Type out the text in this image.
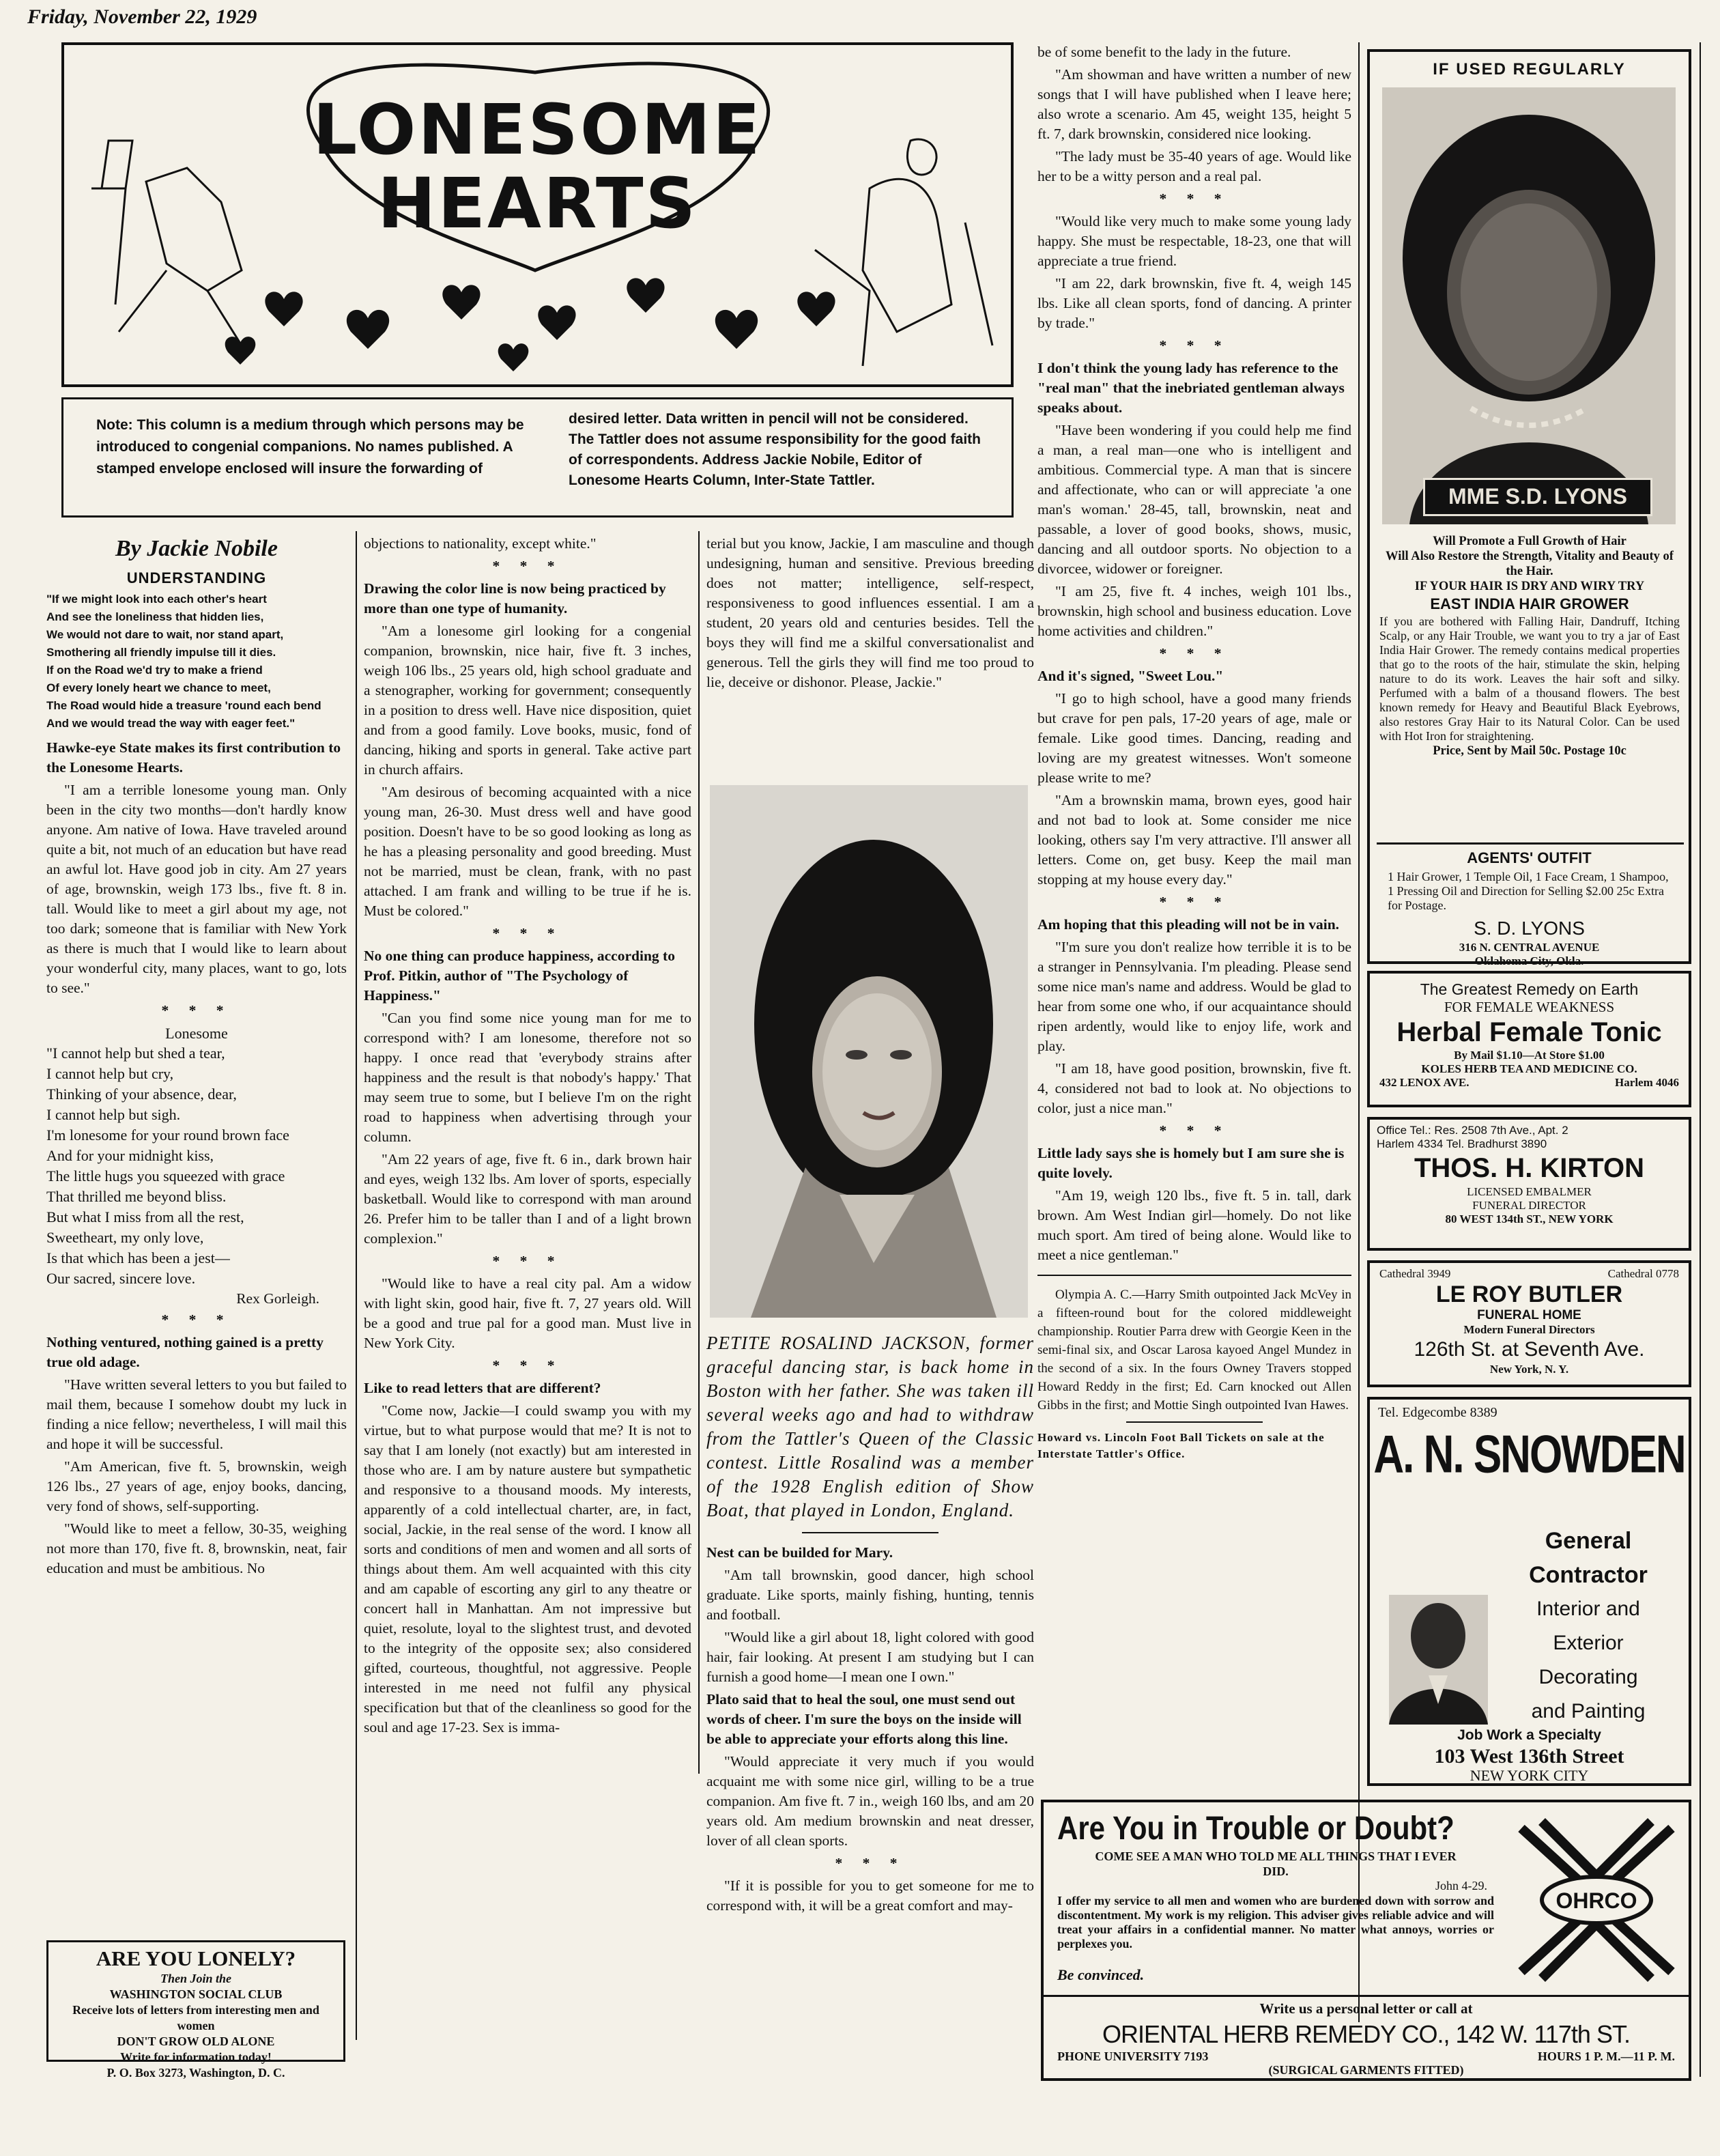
Friday, November 22, 1929
LONESOME
HEARTS
Note: This column is a medium through which persons may be introduced to congenial companions. No names published. A stamped envelope enclosed will insure the forwarding of
desired letter. Data written in pencil will not be considered. The Tattler does not assume responsibility for the good faith of correspondents. Address Jackie Nobile, Editor of Lonesome Hearts Column, Inter-State Tattler.
By Jackie Nobile
UNDERSTANDING
"If we might look into each other's heart
And see the loneliness that hidden lies,
We would not dare to wait, nor stand apart,
Smothering all friendly impulse till it dies.
If on the Road we'd try to make a friend
Of every lonely heart we chance to meet,
The Road would hide a treasure 'round each bend
And we would tread the way with eager feet."

Hawke-eye State makes its first contribution to the Lonesome Hearts.

"I am a terrible lonesome young man. Only been in the city two months—don't hardly know anyone. Am native of Iowa. Have traveled around quite a bit, not much of an education but have read an awful lot. Have good job in city. Am 27 years of age, brownskin, weigh 173 lbs., five ft. 8 in. tall. Would like to meet a girl about my age, not too dark; someone that is familiar with New York as there is much that I would like to learn about your wonderful city, many places, want to go, lots to see."

* * *
Lonesome
"I cannot help but shed a tear,
I cannot help but cry,
Thinking of your absence, dear,
I cannot help but sigh.
I'm lonesome for your round brown face
And for your midnight kiss,
The little hugs you squeezed with grace
That thrilled me beyond bliss.
But what I miss from all the rest,
Sweetheart, my only love,
Is that which has been a jest—
Our sacred, sincere love.
Rex Gorleigh.
* * *

Nothing ventured, nothing gained is a pretty true old adage.

"Have written several letters to you but failed to mail them, because I somehow doubt my luck in finding a nice fellow; nevertheless, I will mail this and hope it will be successful.

"Am American, five ft. 5, brownskin, weigh 126 lbs., 27 years of age, enjoy books, dancing, very fond of shows, self-supporting.

"Would like to meet a fellow, 30-35, weighing not more than 170, five ft. 8, brownskin, neat, fair education and must be ambitious. No

ARE YOU LONELY?
Then Join the
WASHINGTON SOCIAL CLUB
Receive lots of letters from interesting men and women
DON'T GROW OLD ALONE
Write for information today!
P. O. Box 3273, Washington, D. C.

objections to nationality, except white."

* * *

Drawing the color line is now being practiced by more than one type of humanity.

"Am a lonesome girl looking for a congenial companion, brownskin, nice hair, five ft. 3 inches, weigh 106 lbs., 25 years old, high school graduate and a stenographer, working for government; consequently in a position to dress well. Have nice disposition, quiet and from a good family. Love books, music, fond of dancing, hiking and sports in general. Take active part in church affairs.

"Am desirous of becoming acquainted with a nice young man, 26-30. Must dress well and have good position. Doesn't have to be so good looking as long as he has a pleasing personality and good breeding. Must not be married, must be clean, frank, with no past attached. I am frank and willing to be true if he is. Must be colored."

* * *

No one thing can produce happiness, according to Prof. Pitkin, author of "The Psychology of Happiness."

"Can you find some nice young man for me to correspond with? I am lonesome, therefore not so happy. I once read that 'everybody strains after happiness and the result is that nobody's happy.' That may seem true to some, but I believe I'm on the right road to happiness when advertising through your column.

"Am 22 years of age, five ft. 6 in., dark brown hair and eyes, weigh 132 lbs. Am lover of sports, especially basketball. Would like to correspond with man around 26. Prefer him to be taller than I and of a light brown complexion."

* * *

"Would like to have a real city pal. Am a widow with light skin, good hair, five ft. 7, 27 years old. Will be a good and true pal for a good man. Must live in New York City.

* * *

Like to read letters that are different?

"Come now, Jackie—I could swamp you with my virtue, but to what purpose would that me? It is not to say that I am lonely (not exactly) but am interested in those who are. I am by nature austere but sympathetic and responsive to a thousand moods. My interests, apparently of a cold intellectual charter, are, in fact, social, Jackie, in the real sense of the word. I know all sorts and conditions of men and women and all sorts of things about them. Am well acquainted with this city and am capable of escorting any girl to any theatre or concert hall in Manhattan. Am not impressive but quiet, resolute, loyal to the slightest trust, and devoted to the integrity of the opposite sex; also considered gifted, courteous, thoughtful, not aggressive. People interested in me need not fulfil any physical specification but that of the cleanliness so good for the soul and age 17-23. Sex is imma-

terial but you know, Jackie, I am masculine and though undesigning, human and sensitive. Previous breeding does not matter; intelligence, self-respect, responsiveness to good influences essential. I am a student, 20 years old and centuries besides. Tell the boys they will find me a skilful conversationalist and generous. Tell the girls they will find me too proud to lie, deceive or dishonor. Please, Jackie."

PETITE ROSALIND JACKSON, former graceful dancing star, is back home in Boston with her father. She was taken ill several weeks ago and had to withdraw from the Tattler's Queen of the Classic contest. Little Rosalind was a member of the 1928 English edition of Show Boat, that played in London, England.

Nest can be builded for Mary.

"Am tall brownskin, good dancer, high school graduate. Like sports, mainly fishing, hunting, tennis and football.

"Would like a girl about 18, light colored with good hair, fair looking. At present I am studying but I can furnish a good home—I mean one I own."

Plato said that to heal the soul, one must send out words of cheer. I'm sure the boys on the inside will be able to appreciate your efforts along this line.

"Would appreciate it very much if you would acquaint me with some nice girl, willing to be a true companion. Am five ft. 7 in., weigh 160 lbs, and am 20 years old. Am medium brownskin and neat dresser, lover of all clean sports.

* * *

"If it is possible for you to get someone for me to correspond with, it will be a great comfort and may-

be of some benefit to the lady in the future.

"Am showman and have written a number of new songs that I will have published when I leave here; also wrote a scenario. Am 45, weight 135, height 5 ft. 7, dark brownskin, considered nice looking.

"The lady must be 35-40 years of age. Would like her to be a witty person and a real pal.

* * *

"Would like very much to make some young lady happy. She must be respectable, 18-23, one that will appreciate a true friend.

"I am 22, dark brownskin, five ft. 4, weigh 145 lbs. Like all clean sports, fond of dancing. A printer by trade."

* * *

I don't think the young lady has reference to the "real man" that the inebriated gentleman always speaks about.

"Have been wondering if you could help me find a man, a real man—one who is intelligent and ambitious. Commercial type. A man that is sincere and affectionate, who can or will appreciate 'a one man's woman.' 28-45, tall, brownskin, neat and passable, a lover of good books, shows, music, dancing and all outdoor sports. No objection to a divorcee, widower or foreigner.

"I am 25, five ft. 4 inches, weigh 101 lbs., brownskin, high school and business education. Love home activities and children."

* * *

And it's signed, "Sweet Lou."

"I go to high school, have a good many friends but crave for pen pals, 17-20 years of age, male or female. Like good times. Dancing, reading and loving are my greatest witnesses. Won't someone please write to me?

"Am a brownskin mama, brown eyes, good hair and not bad to look at. Some consider me nice looking, others say I'm very attractive. I'll answer all letters. Come on, get busy. Keep the mail man stopping at my house every day."

* * *

Am hoping that this pleading will not be in vain.

"I'm sure you don't realize how terrible it is to be a stranger in Pennsylvania. I'm pleading. Please send some nice man's name and address. Would be glad to hear from some one who, if our acquaintance should ripen ardently, would like to enjoy life, work and play.

"I am 18, have good position, brownskin, five ft. 4, considered not bad to look at. No objections to color, just a nice man."

* * *

Little lady says she is homely but I am sure she is quite lovely.

"Am 19, weigh 120 lbs., five ft. 5 in. tall, dark brown. Am West Indian girl—homely. Do not like much sport. Am tired of being alone. Would like to meet a nice gentleman."

Olympia A. C.—Harry Smith outpointed Jack McVey in a fifteen-round bout for the colored middleweight championship. Routier Parra drew with Georgie Keen in the semi-final six, and Oscar Larosa kayoed Angel Mundez in the second of a six. In the fours Owney Travers stopped Howard Reddy in the first; Ed. Carn knocked out Allen Gibbs in the first; and Mottie Singh outpointed Ivan Hawes.

Howard vs. Lincoln Foot Ball Tickets on sale at the Interstate Tattler's Office.

IF USED REGULARLY
MME S.D. LYONS
Will Promote a Full Growth of Hair
Will Also Restore the Strength, Vitality and Beauty of the Hair.
IF YOUR HAIR IS DRY AND WIRY TRY
EAST INDIA HAIR GROWER
If you are bothered with Falling Hair, Dandruff, Itching Scalp, or any Hair Trouble, we want you to try a jar of East India Hair Grower. The remedy contains medical properties that go to the roots of the hair, stimulate the skin, helping nature to do its work. Leaves the hair soft and silky. Perfumed with a balm of a thousand flowers. The best known remedy for Heavy and Beautiful Black Eyebrows, also restores Gray Hair to its Natural Color. Can be used with Hot Iron for straightening.
Price, Sent by Mail 50c. Postage 10c
AGENTS' OUTFIT
1 Hair Grower, 1 Temple Oil, 1 Face Cream, 1 Shampoo, 1 Pressing Oil and Direction for Selling $2.00 25c Extra for Postage.
S. D. LYONS
316 N. CENTRAL AVENUE
Oklahoma City, Okla.
The Greatest Remedy on Earth
FOR FEMALE WEAKNESS
Herbal Female Tonic
By Mail $1.10—At Store $1.00
KOLES HERB TEA AND MEDICINE CO.
432 LENOX AVE.	Harlem 4046
Office Tel.: Res. 2508 7th Ave., Apt. 2
Harlem 4334 Tel. Bradhurst 3890
THOS. H. KIRTON
LICENSED EMBALMER
FUNERAL DIRECTOR
80 WEST 134th ST., NEW YORK
Cathedral 3949	Cathedral 0778
LE ROY BUTLER
FUNERAL HOME
Modern Funeral Directors
126th St. at Seventh Ave.
New York, N. Y.
Tel. Edgecombe 8389
A. N. SNOWDEN
General
Contractor
Interior and
Exterior
Decorating
and Painting
Job Work a Specialty
103 West 136th Street
NEW YORK CITY
Are You in Trouble or Doubt?
COME SEE A MAN WHO TOLD ME ALL THINGS THAT I EVER DID.
John 4-29.
I offer my service to all men and women who are burdened down with sorrow and discontentment. My work is my religion. This adviser gives reliable advice and will treat your affairs in a confidential manner. No matter what annoys, worries or perplexes you.
Be convinced.
OHRCO
Write us a personal letter or call at
ORIENTAL HERB REMEDY CO., 142 W. 117th ST.
PHONE UNIVERSITY 7193	HOURS 1 P. M.—11 P. M.
(SURGICAL GARMENTS FITTED)
